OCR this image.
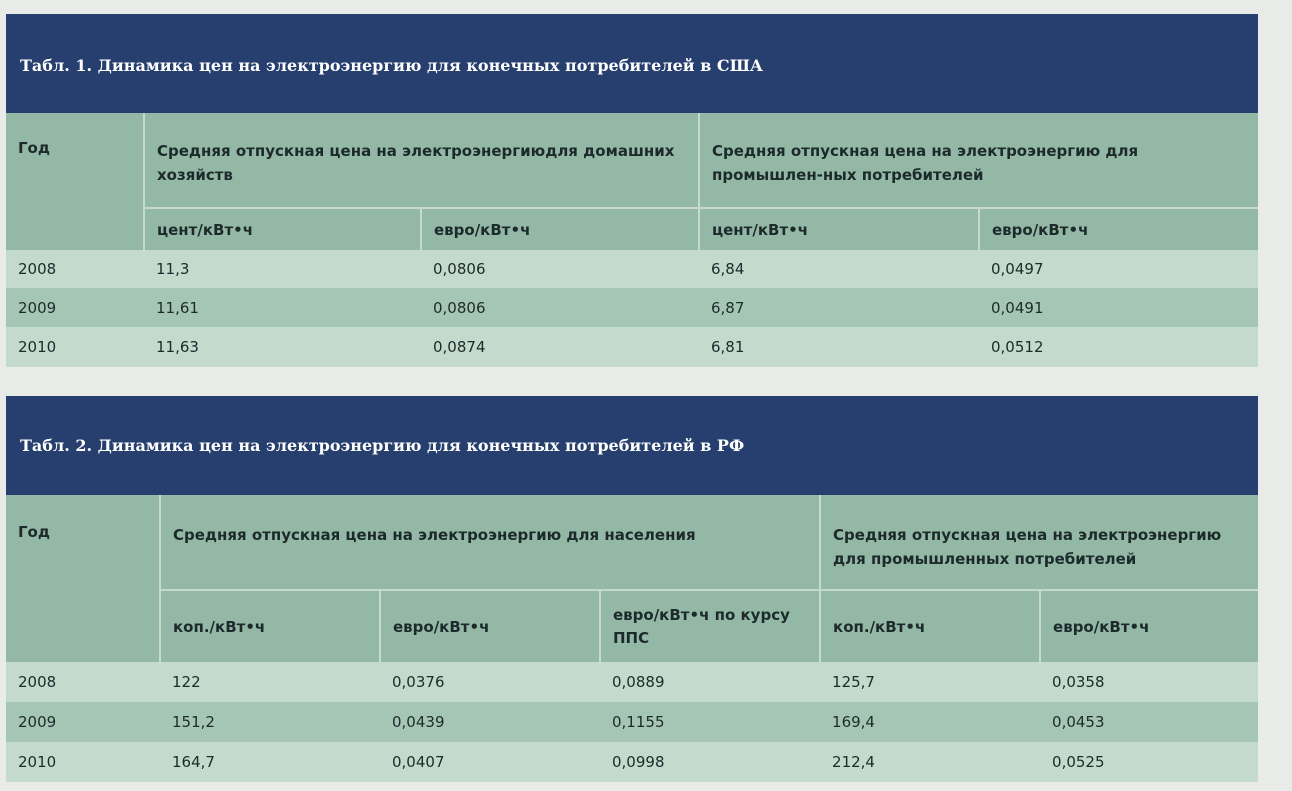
Табл. 1. Динамика цен на электроэнергию для конечных потребителей в США
Год	Средняя отпускная цена на электроэнергиюдля домашних хозяйств		Средняя отпускная цена на электроэнергию для промышлен-ных потребителей	
	цент/кВт•ч	евро/кВт•ч	цент/кВт•ч	евро/кВт•ч
2008	11,3	0,0806	6,84	0,0497
2009	11,61	0,0806	6,87	0,0491
2010	11,63	0,0874	6,81	0,0512
Табл. 2. Динамика цен на электроэнергию для конечных потребителей в РФ
Год	Средняя отпускная цена на электроэнергию для населения			Средняя отпускная цена на электроэнергию для промышленных потребителей	
	коп./кВт•ч	евро/кВт•ч	евро/кВт•ч по курсу ППС	коп./кВт•ч	евро/кВт•ч
2008	122	0,0376	0,0889	125,7	0,0358
2009	151,2	0,0439	0,1155	169,4	0,0453
2010	164,7	0,0407	0,0998	212,4	0,0525
